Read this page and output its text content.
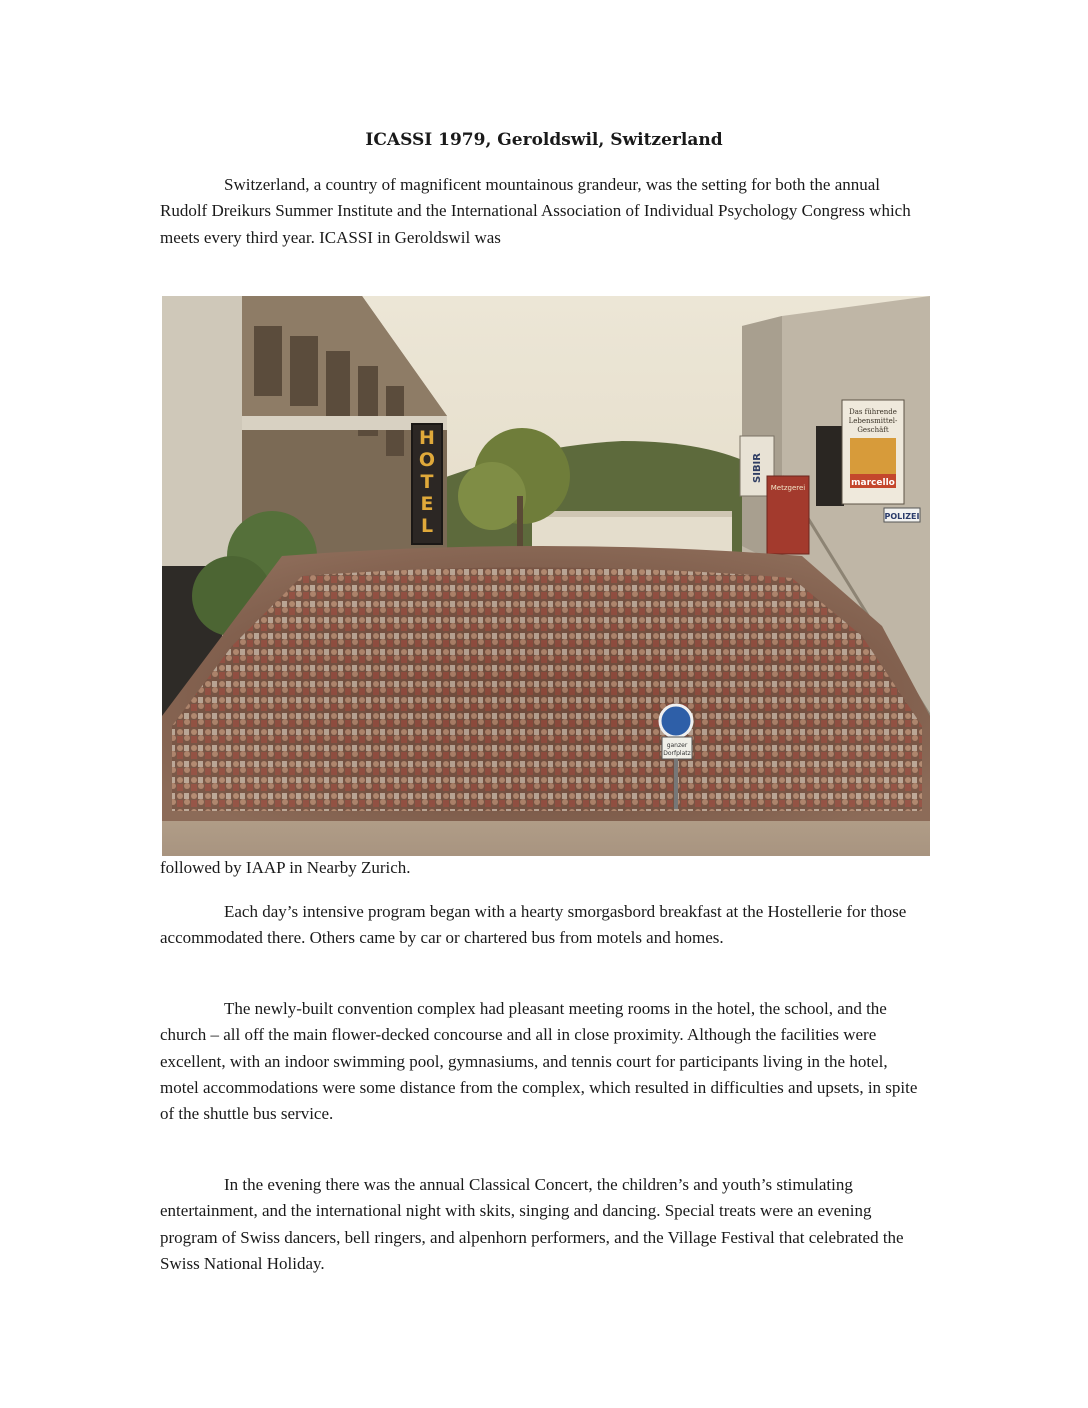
ICASSI 1979, Geroldswil, Switzerland

Switzerland, a country of magnificent mountainous grandeur, was the setting for both the annual Rudolf Dreikurs Summer Institute and the International Association of Individual Psychology Congress which meets every third year. ICASSI in Geroldswil was

H
O
T
E
L
SIBIR
Metzgerei
Das führende
Lebensmittel-
Geschäft
marcello
POLIZEI
ganzer
Dorfplatz

followed by IAAP in Nearby Zurich.

Each day’s intensive program began with a hearty smorgasbord breakfast at the Hostellerie for those accommodated there. Others came by car or chartered bus from motels and homes.

The newly-built convention complex had pleasant meeting rooms in the hotel, the school, and the church – all off the main flower-decked concourse and all in close proximity. Although the facilities were excellent, with an indoor swimming pool, gymnasiums, and tennis court for participants living in the hotel, motel accommodations were some distance from the complex, which resulted in difficulties and upsets, in spite of the shuttle bus service.

In the evening there was the annual Classical Concert, the children’s and youth’s stimulating entertainment, and the international night with skits, singing and dancing. Special treats were an evening program of Swiss dancers, bell ringers, and alpenhorn performers, and the Village Festival that celebrated the Swiss National Holiday.
